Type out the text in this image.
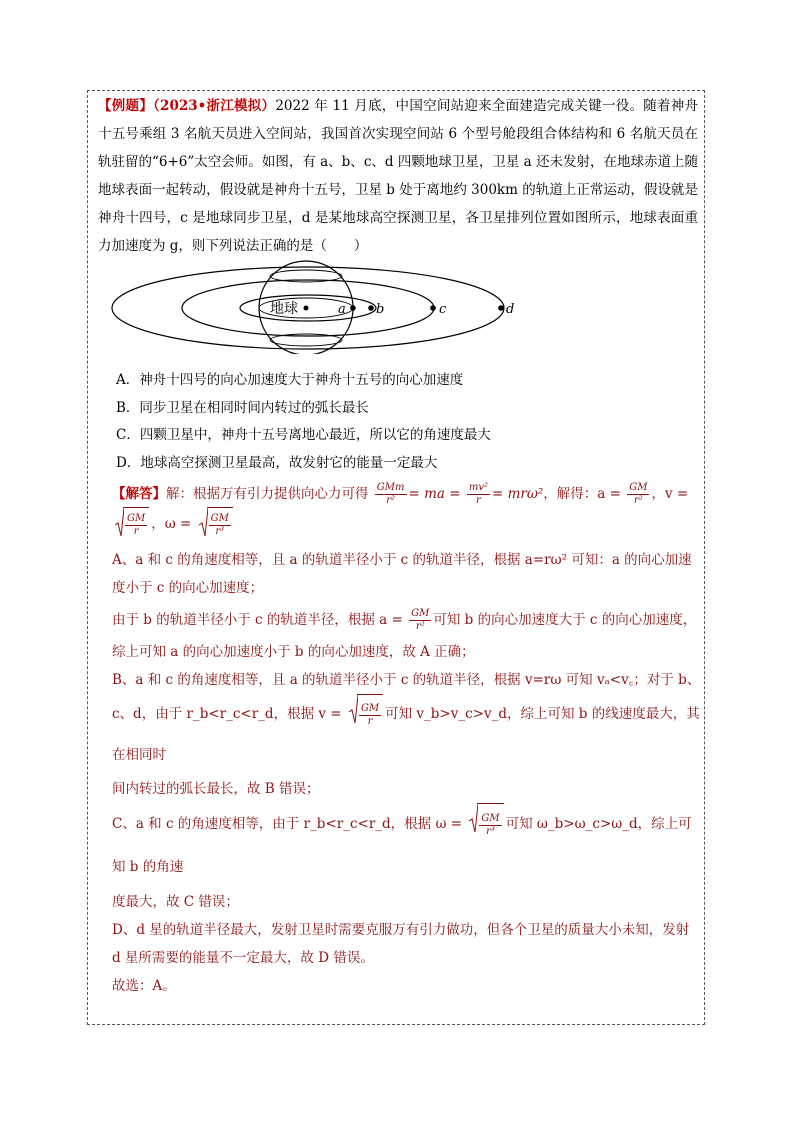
【例题】（2023•浙江模拟）2022 年 11 月底，中国空间站迎来全面建造完成关键一役。随着神舟十五号乘组 3 名航天员进入空间站，我国首次实现空间站 6 个型号舱段组合体结构和 6 名航天员在轨驻留的“6+6”太空会师。如图，有 a、b、c、d 四颗地球卫星，卫星 a 还未发射，在地球赤道上随地球表面一起转动，假设就是神舟十五号，卫星 b 处于离地约 300km 的轨道上正常运动，假设就是神舟十四号，c 是地球同步卫星，d 是某地球高空探测卫星，各卫星排列位置如图所示，地球表面重力加速度为 g，则下列说法正确的是（　　）
地球	a b	c	d
A．神舟十四号的向心加速度大于神舟十五号的向心加速度
B．同步卫星在相同时间内转过的弧长最长
C．四颗卫星中，神舟十五号离地心最近，所以它的角速度最大
D．地球高空探测卫星最高，故发射它的能量一定最大

【解答】解：根据万有引力提供向心力可得 $\frac{\text{GMm}}{\text{r²}}$ = ma = $\frac{\text{mv²}}{r} = mr\omega^2$，解得：$a = \frac{GM}{\text{r²}}$ ，v =

$\frac{GM}{r}$ ，$\omega = \frac{GM}{\text{r³}}$

A、a 和 c 的角速度相等，且 a 的轨道半径小于 c 的轨道半径，根据 a=rω² 可知：a 的向心加速度小于 c 的向心加速度；

由于 b 的轨道半径小于 c 的轨道半径，根据 $a = \frac{GM}{\text{r²}}$ 可知 b 的向心加速度大于 c 的向心加速度，

综上可知 a 的向心加速度小于 b 的向心加速度，故 A 正确；

B、a 和 c 的角速度相等，且 a 的轨道半径小于 c 的轨道半径，根据 v=rω 可知 vₐ<v꜀；对于 b、

c、d，由于 r_b<r_c<r_d，根据 $v = \frac{GM}{r}$ 可知 v_b>v_c>v_d，综上可知 b 的线速度最大，其在相同时

间内转过的弧长最长，故 B 错误；

C、a 和 c 的角速度相等，由于 r_b<r_c<r_d，根据 $\omega = \frac{GM}{\text{r³}}$ 可知 ω_b>ω_c>ω_d，综上可知 b 的角速

度最大，故 C 错误；

D、d 星的轨道半径最大，发射卫星时需要克服万有引力做功，但各个卫星的质量大小未知，发射

d 星所需要的能量不一定最大，故 D 错误。

故选：A。
